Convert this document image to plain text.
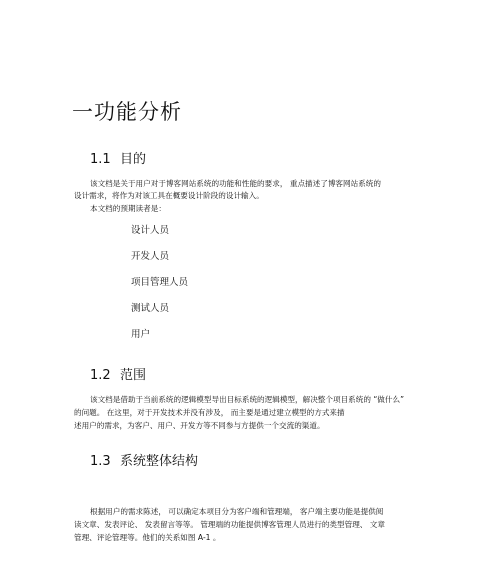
一功能分析
1.1 目的
该文档是关于用户对于博客网站系统的功能和性能的要求， 重点描述了博客网站系统的
设计需求，将作为对该工具在概要设计阶段的设计输入。
本文档的预期读者是：
设计人员
开发人员
项目管理人员
测试人员
用户
1.2 范围
该文档是借助于当前系统的逻辑模型导出目标系统的逻辑模型，解决整个项目系统的 “做什么”
的问题。 在这里，对于开发技术并没有涉及， 而主要是通过建立模型的方式来描
述用户的需求，为客户、用户、开发方等不同参与方提供一个交流的渠道。
1.3 系统整体结构
根据用户的需求陈述， 可以确定本项目分为客户端和管理端， 客户端主要功能是提供阅
读文章、发表评论、 发表留言等等。 管理端的功能提供博客管理人员进行的类型管理、 文章
管理、评论管理等。他们的关系如图 A-1 。
